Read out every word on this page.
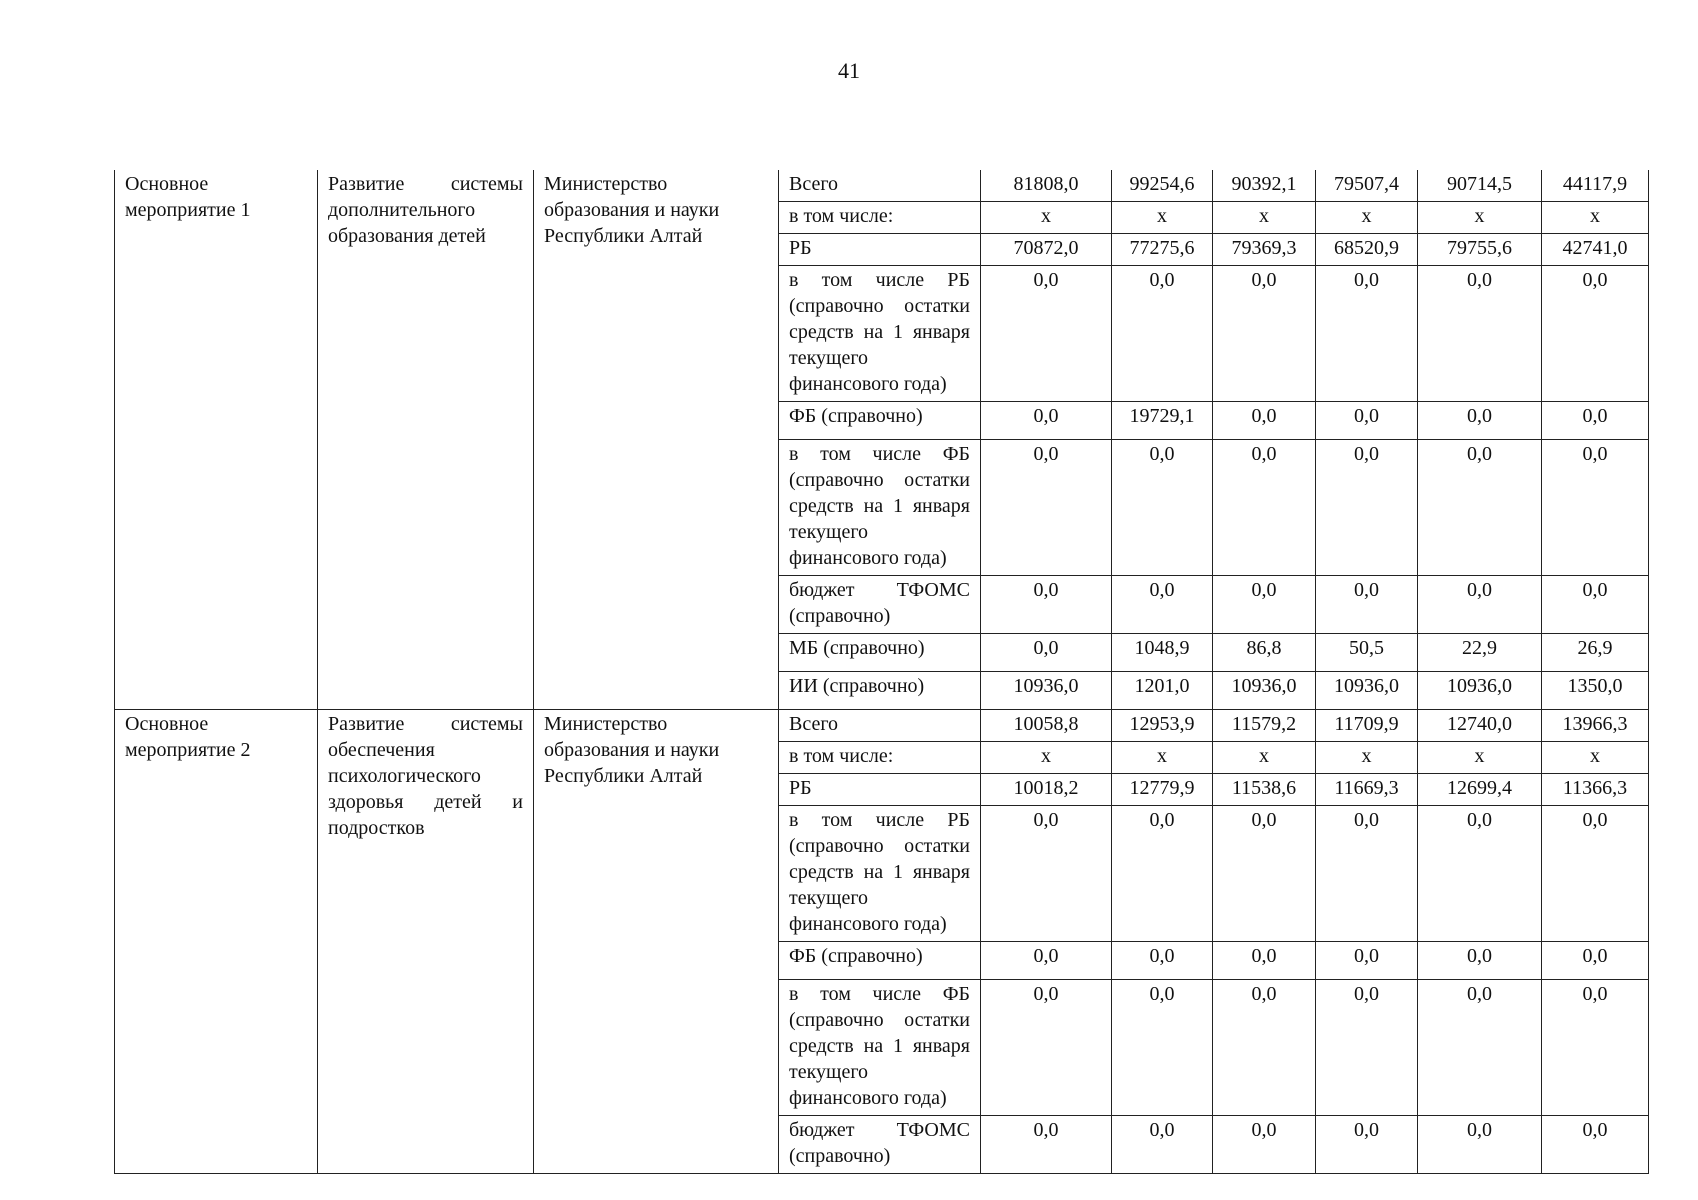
41
Основное мероприятие 1	Развитие системы дополнительного образования детей	Министерство образования и науки Республики Алтай	Всего	81808,0	99254,6	90392,1	79507,4	90714,5	44117,9
			в том числе:	x	x	x	x	x	x
			РБ	70872,0	77275,6	79369,3	68520,9	79755,6	42741,0
			в том числе РБ (справочно остатки средств на 1 января текущего финансового года)	0,0	0,0	0,0	0,0	0,0	0,0
			ФБ (справочно)	0,0	19729,1	0,0	0,0	0,0	0,0
			в том числе ФБ (справочно остатки средств на 1 января текущего финансового года)	0,0	0,0	0,0	0,0	0,0	0,0
			бюджет ТФОМС (справочно)	0,0	0,0	0,0	0,0	0,0	0,0
			МБ (справочно)	0,0	1048,9	86,8	50,5	22,9	26,9
			ИИ (справочно)	10936,0	1201,0	10936,0	10936,0	10936,0	1350,0
Основное мероприятие 2	Развитие системы обеспечения психологического здоровья детей и подростков	Министерство образования и науки Республики Алтай	Всего	10058,8	12953,9	11579,2	11709,9	12740,0	13966,3
			в том числе:	x	x	x	x	x	x
			РБ	10018,2	12779,9	11538,6	11669,3	12699,4	11366,3
			в том числе РБ (справочно остатки средств на 1 января текущего финансового года)	0,0	0,0	0,0	0,0	0,0	0,0
			ФБ (справочно)	0,0	0,0	0,0	0,0	0,0	0,0
			в том числе ФБ (справочно остатки средств на 1 января текущего финансового года)	0,0	0,0	0,0	0,0	0,0	0,0
			бюджет ТФОМС (справочно)	0,0	0,0	0,0	0,0	0,0	0,0
